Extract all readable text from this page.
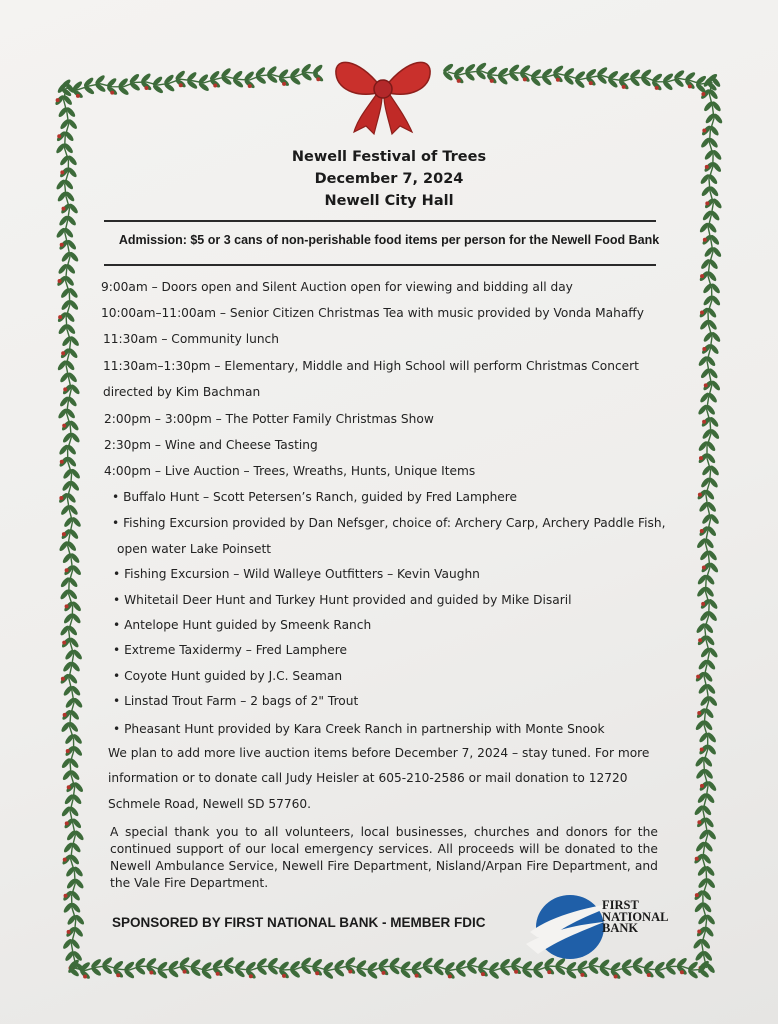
Newell Festival of Trees
December 7, 2024
Newell City Hall
Admission: $5 or 3 cans of non-perishable food items per person for the Newell Food Bank
9:00am – Doors open and Silent Auction open for viewing and bidding all day
10:00am–11:00am – Senior Citizen Christmas Tea with music provided by Vonda Mahaffy
11:30am – Community lunch
11:30am–1:30pm – Elementary, Middle and High School will perform Christmas Concert
directed by Kim Bachman
2:00pm – 3:00pm – The Potter Family Christmas Show
2:30pm – Wine and Cheese Tasting
4:00pm – Live Auction – Trees, Wreaths, Hunts, Unique Items
• Buffalo Hunt – Scott Petersen’s Ranch, guided by Fred Lamphere
• Fishing Excursion provided by Dan Nefsger, choice of: Archery Carp, Archery Paddle Fish,
open water Lake Poinsett
• Fishing Excursion – Wild Walleye Outfitters – Kevin Vaughn
• Whitetail Deer Hunt and Turkey Hunt provided and guided by Mike Disaril
• Antelope Hunt guided by Smeenk Ranch
• Extreme Taxidermy – Fred Lamphere
• Coyote Hunt guided by J.C. Seaman
• Linstad Trout Farm – 2 bags of 2" Trout
• Pheasant Hunt provided by Kara Creek Ranch in partnership with Monte Snook
We plan to add more live auction items before December 7, 2024 – stay tuned. For more
information or to donate call Judy Heisler at 605-210-2586 or mail donation to 12720
Schmele Road, Newell SD 57760.
A special thank you to all volunteers, local businesses, churches and donors for the continued support of our local emergency services. All proceeds will be donated to the Newell Ambulance Service, Newell Fire Department, Nisland/Arpan Fire Department, and the Vale Fire Department.
SPONSORED BY FIRST NATIONAL BANK - MEMBER FDIC
FIRST
NATIONAL
BANK
